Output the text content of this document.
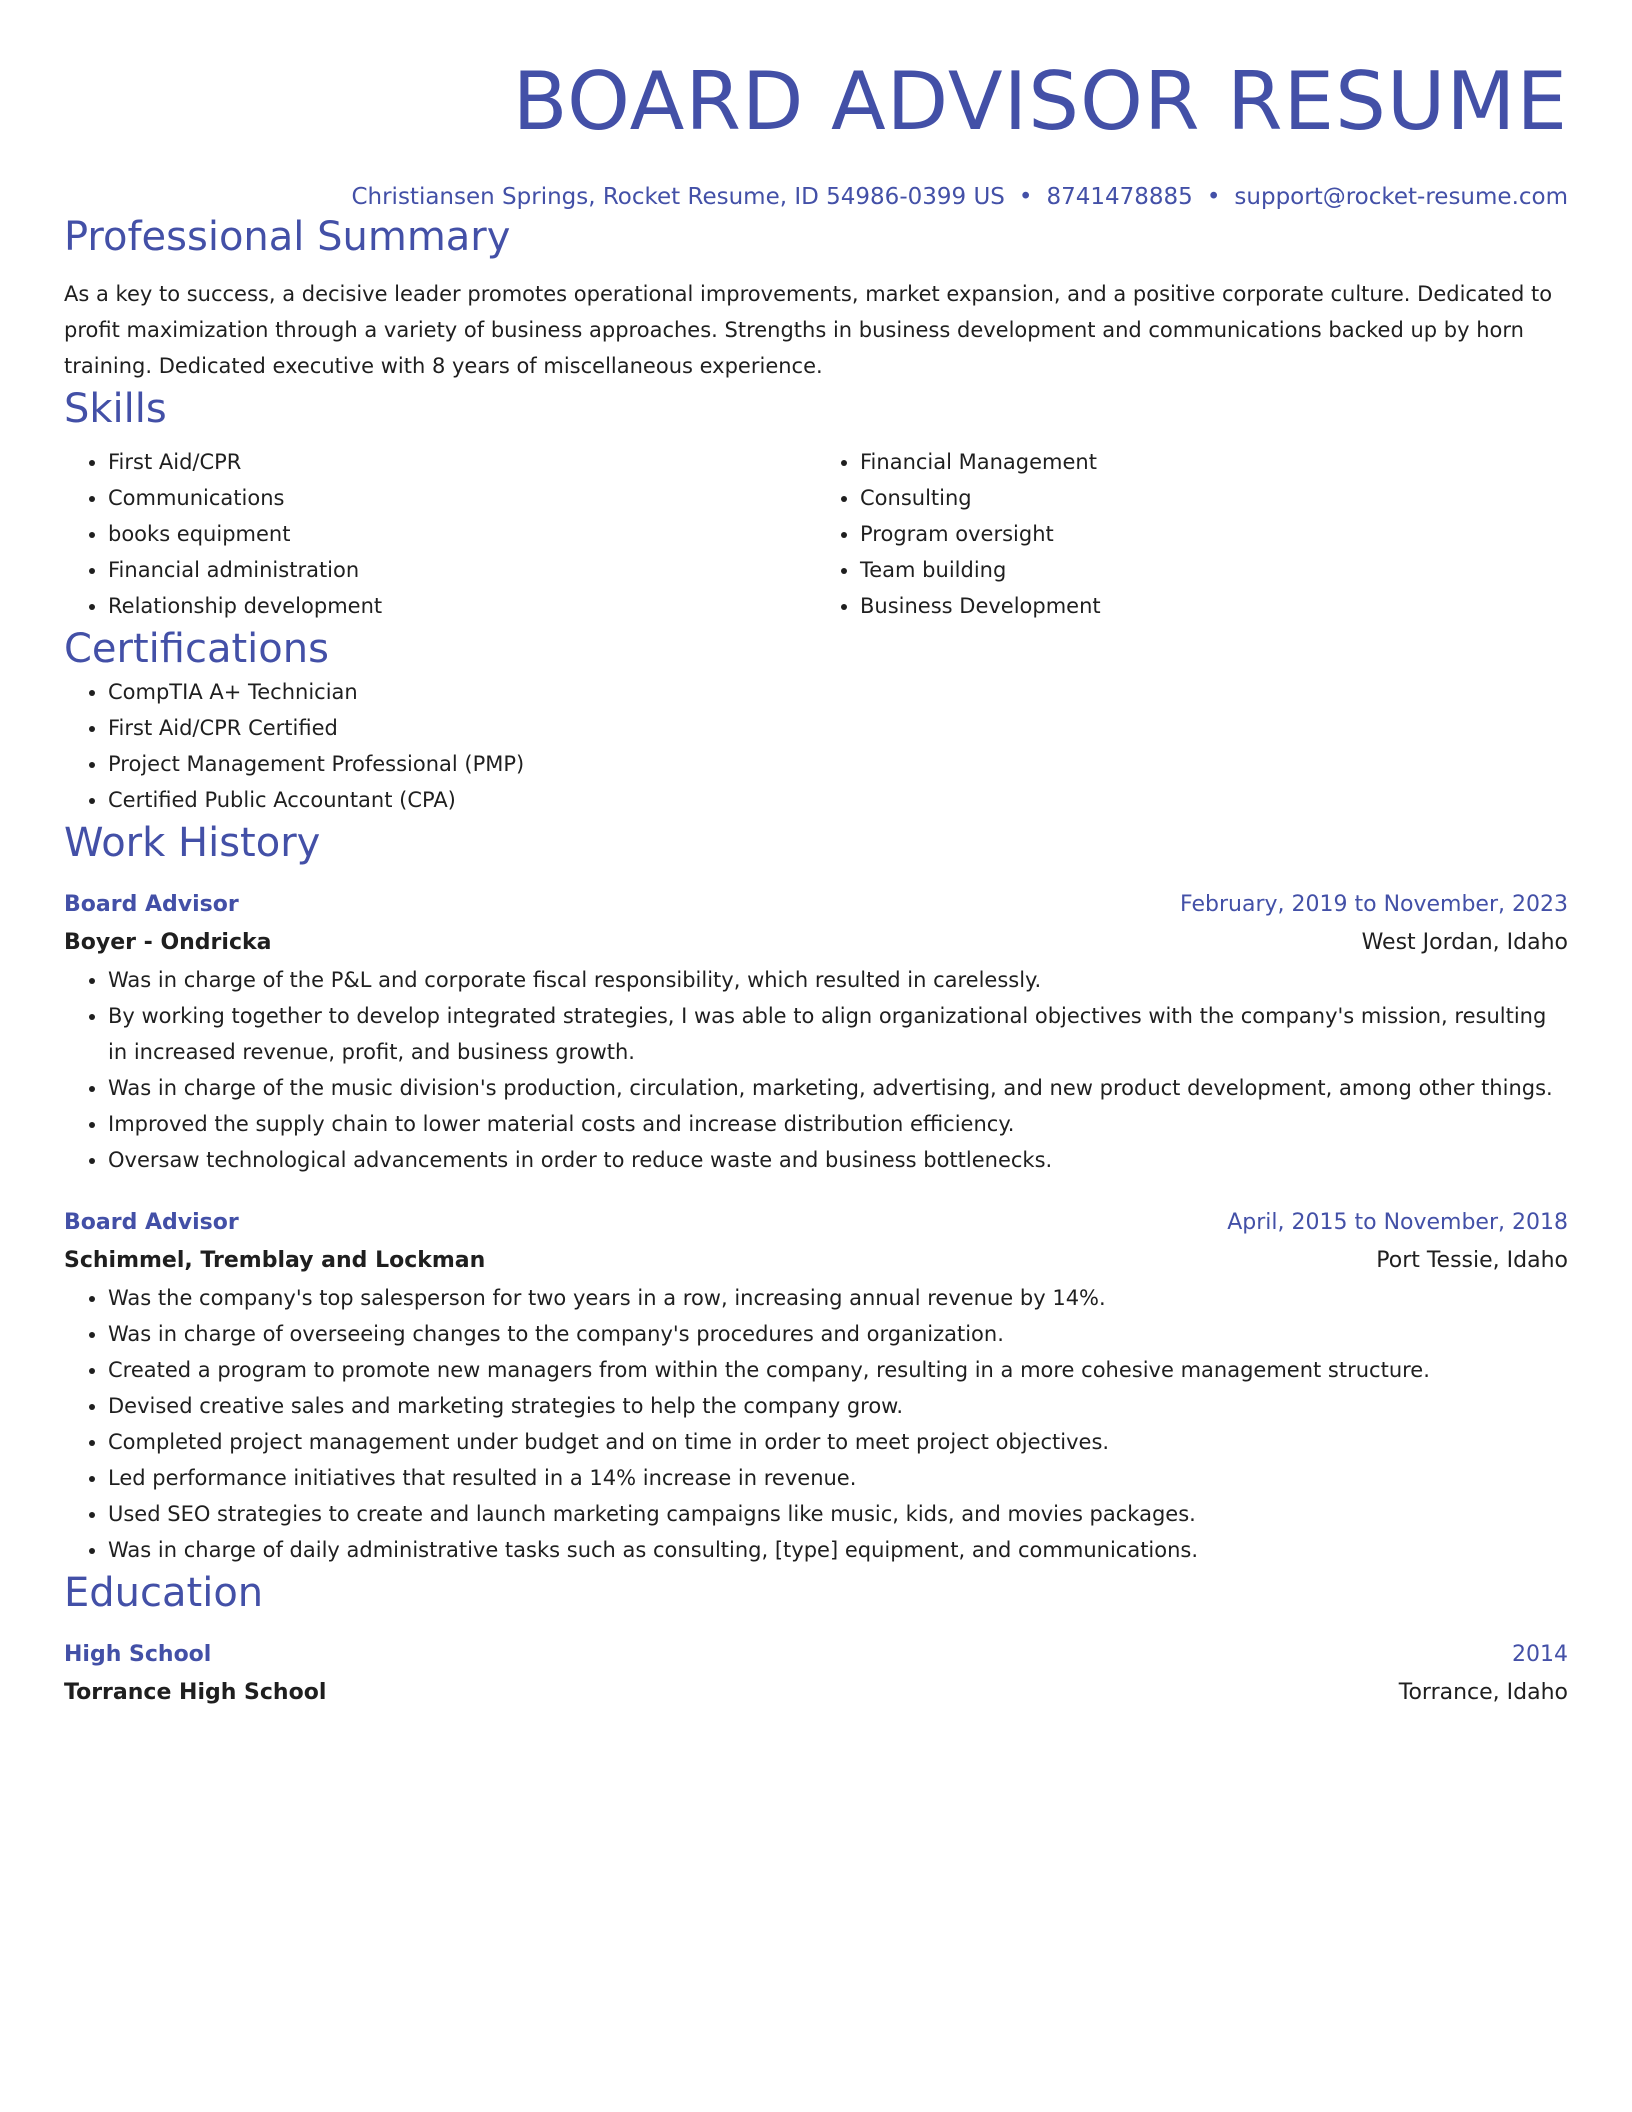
BOARD ADVISOR RESUME
Christiansen Springs, Rocket Resume, ID 54986-0399 US • 8741478885 • support@rocket-resume.com
Professional Summary
As a key to success, a decisive leader promotes operational improvements, market expansion, and a positive corporate culture. Dedicated to profit maximization through a variety of business approaches. Strengths in business development and communications backed up by horn training. Dedicated executive with 8 years of miscellaneous experience.
Skills
• First Aid/CPR
• Communications
• books equipment
• Financial administration
• Relationship development
• Financial Management
• Consulting
• Program oversight
• Team building
• Business Development
Certifications
• CompTIA A+ Technician
• First Aid/CPR Certified
• Project Management Professional (PMP)
• Certified Public Accountant (CPA)
Work History
Board Advisor	February, 2019 to November, 2023
Boyer - Ondricka	West Jordan, Idaho
• Was in charge of the P&L and corporate fiscal responsibility, which resulted in carelessly.
• By working together to develop integrated strategies, I was able to align organizational objectives with the company's mission, resulting in increased revenue, profit, and business growth.
• Was in charge of the music division's production, circulation, marketing, advertising, and new product development, among other things.
• Improved the supply chain to lower material costs and increase distribution efficiency.
• Oversaw technological advancements in order to reduce waste and business bottlenecks.
Board Advisor	April, 2015 to November, 2018
Schimmel, Tremblay and Lockman	Port Tessie, Idaho
• Was the company's top salesperson for two years in a row, increasing annual revenue by 14%.
• Was in charge of overseeing changes to the company's procedures and organization.
• Created a program to promote new managers from within the company, resulting in a more cohesive management structure.
• Devised creative sales and marketing strategies to help the company grow.
• Completed project management under budget and on time in order to meet project objectives.
• Led performance initiatives that resulted in a 14% increase in revenue.
• Used SEO strategies to create and launch marketing campaigns like music, kids, and movies packages.
• Was in charge of daily administrative tasks such as consulting, [type] equipment, and communications.
Education
High School	2014
Torrance High School	Torrance, Idaho
